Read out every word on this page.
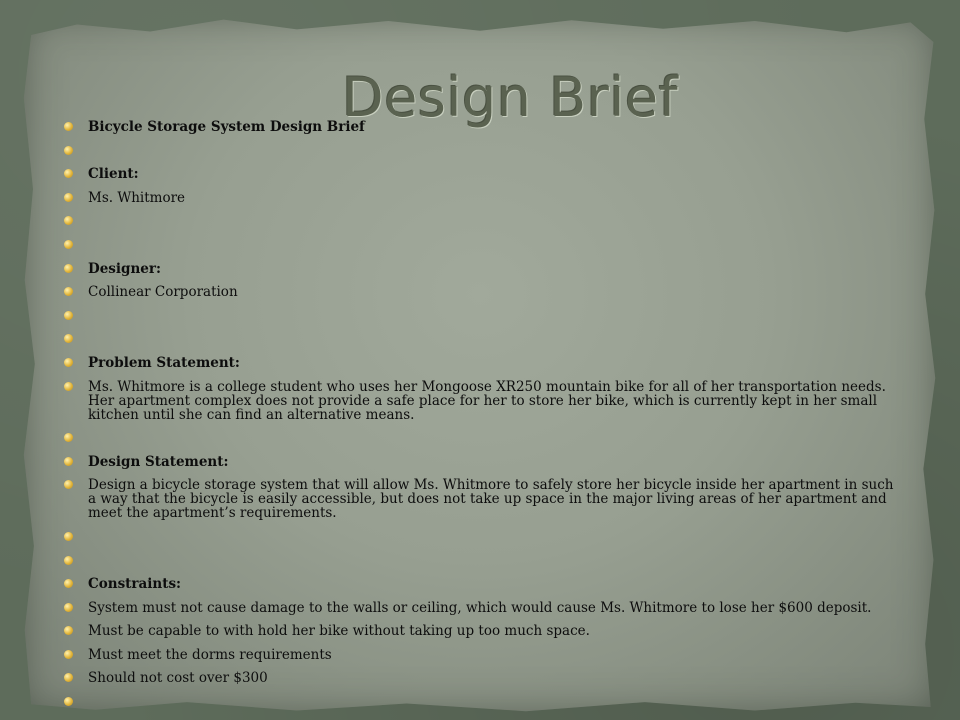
Design Brief
Bicycle Storage System Design Brief
Client:
Ms. Whitmore
Designer:
Collinear Corporation
Problem Statement:
Ms. Whitmore is a college student who uses her Mongoose XR250 mountain bike for all of her transportation needs. Her apartment complex does not provide a safe place for her to store her bike, which is currently kept in her small kitchen until she can find an alternative means.
Design Statement:
Design a bicycle storage system that will allow Ms. Whitmore to safely store her bicycle inside her apartment in such a way that the bicycle is easily accessible, but does not take up space in the major living areas of her apartment and meet the apartment’s requirements.
Constraints:
System must not cause damage to the walls or ceiling, which would cause Ms. Whitmore to lose her $600 deposit.
Must be capable to with hold her bike without taking up too much space.
Must meet the dorms requirements
Should not cost over $300
